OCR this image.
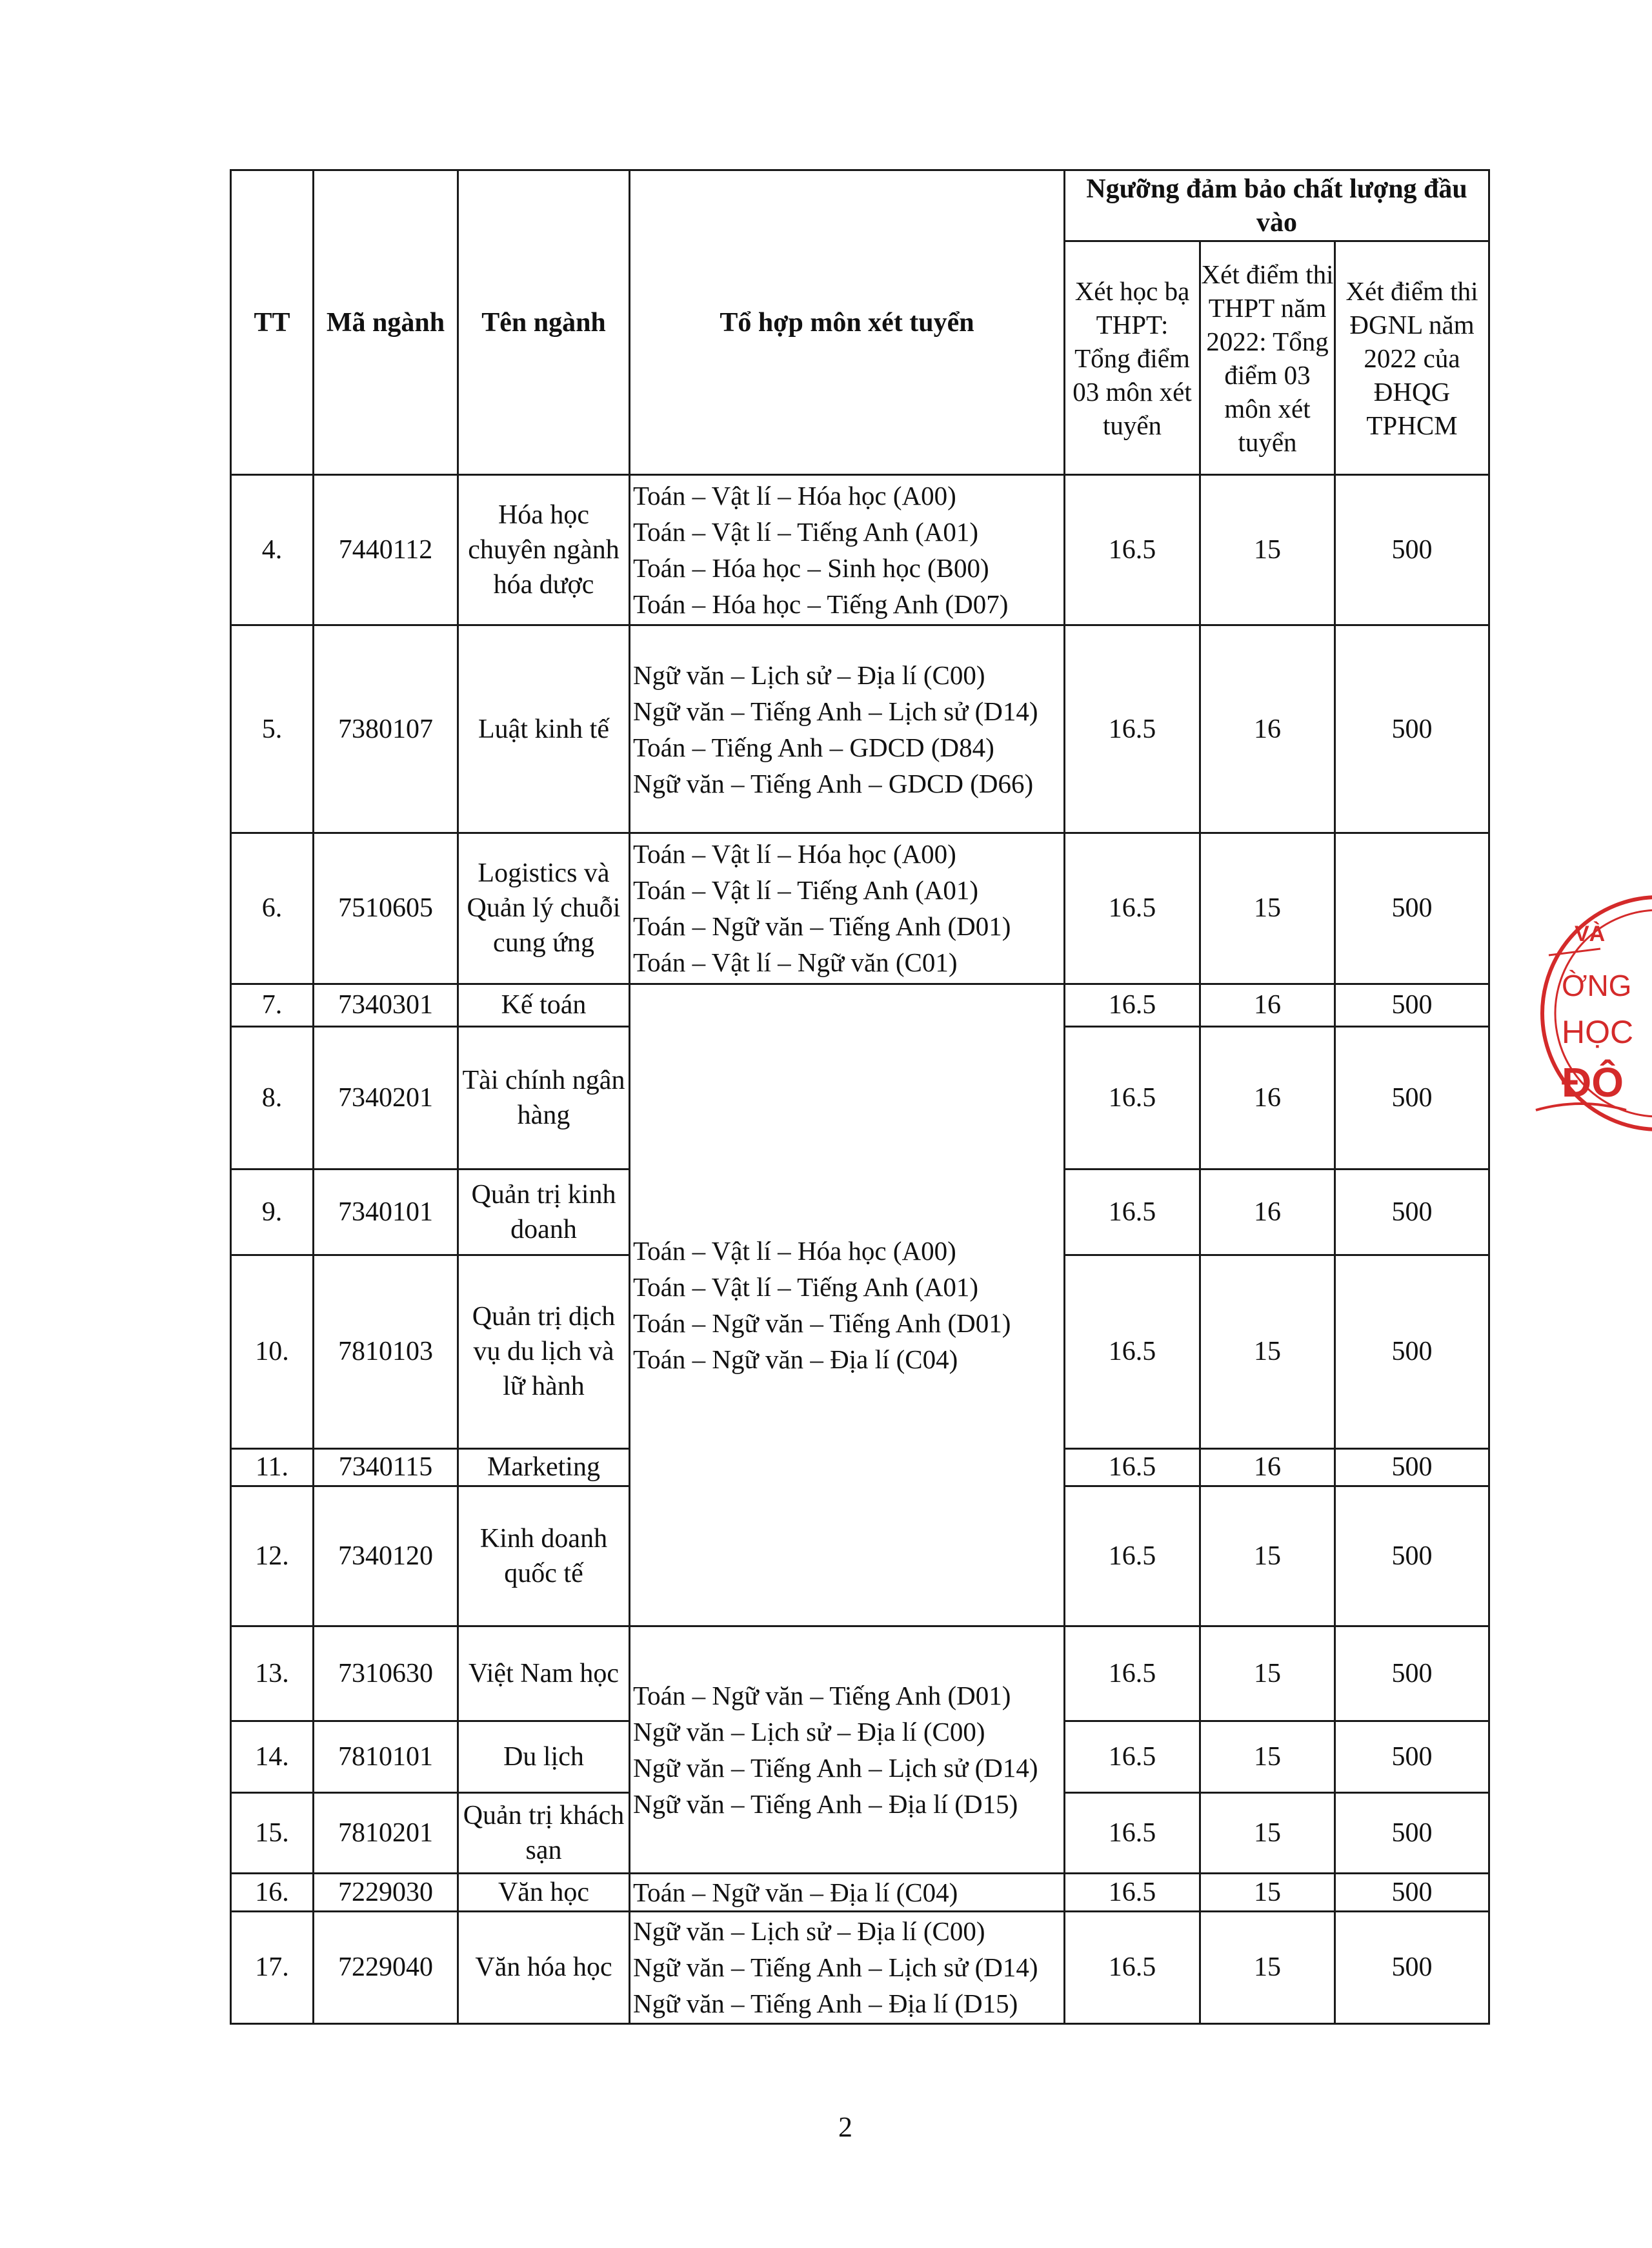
TT	Mã ngành	Tên ngành	Tổ hợp môn xét tuyển	Ngưỡng đảm bảo chất lượng đầu vào		
				Xét học bạ THPT: Tổng điểm 03 môn xét tuyển	Xét điểm thi THPT năm 2022: Tổng điểm 03 môn xét tuyển	Xét điểm thi ĐGNL năm 2022 của ĐHQG TPHCM
4.	7440112	Hóa học chuyên ngành hóa dược	Toán – Vật lí – Hóa học (A00)
Toán – Vật lí – Tiếng Anh (A01)
Toán – Hóa học – Sinh học (B00)
Toán – Hóa học – Tiếng Anh (D07)	16.5	15	500
5.	7380107	Luật kinh tế	Ngữ văn – Lịch sử – Địa lí (C00)
Ngữ văn – Tiếng Anh – Lịch sử (D14)
Toán – Tiếng Anh – GDCD (D84)
Ngữ văn – Tiếng Anh – GDCD (D66)	16.5	16	500
6.	7510605	Logistics và Quản lý chuỗi cung ứng	Toán – Vật lí – Hóa học (A00)
Toán – Vật lí – Tiếng Anh (A01)
Toán – Ngữ văn – Tiếng Anh (D01)
Toán – Vật lí – Ngữ văn (C01)	16.5	15	500
7.	7340301	Kế toán	Toán – Vật lí – Hóa học (A00)
Toán – Vật lí – Tiếng Anh (A01)
Toán – Ngữ văn – Tiếng Anh (D01)
Toán – Ngữ văn – Địa lí (C04)	16.5	16	500
8.	7340201	Tài chính ngân hàng		16.5	16	500
9.	7340101	Quản trị kinh doanh		16.5	16	500
10.	7810103	Quản trị dịch vụ du lịch và lữ hành		16.5	15	500
11.	7340115	Marketing		16.5	16	500
12.	7340120	Kinh doanh quốc tế		16.5	15	500
13.	7310630	Việt Nam học	Toán – Ngữ văn – Tiếng Anh (D01)
Ngữ văn – Lịch sử – Địa lí (C00)
Ngữ văn – Tiếng Anh – Lịch sử (D14)
Ngữ văn – Tiếng Anh – Địa lí (D15)	16.5	15	500
14.	7810101	Du lịch		16.5	15	500
15.	7810201	Quản trị khách sạn		16.5	15	500
16.	7229030	Văn học	Toán – Ngữ văn – Địa lí (C04)	16.5	15	500
17.	7229040	Văn hóa học	Ngữ văn – Lịch sử – Địa lí (C00)
Ngữ văn – Tiếng Anh – Lịch sử (D14)
Ngữ văn – Tiếng Anh – Địa lí (D15)	16.5	15	500
2
VÀ
ỜNG
HỌC
ĐÔ
